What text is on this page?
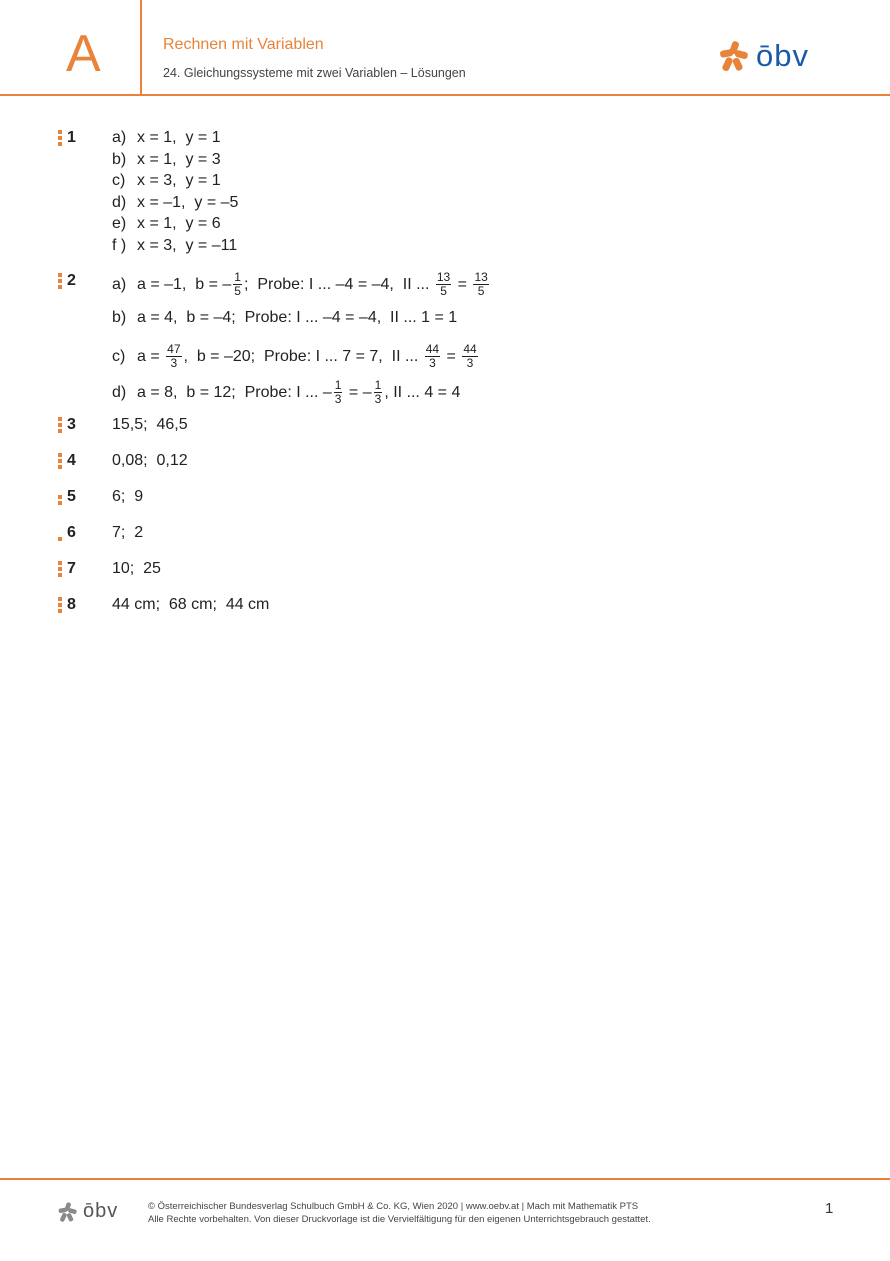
A	Rechnen mit Variablen
24. Gleichungssysteme mit zwei Variablen – Lösungen	ōbv
1 a) x = 1,  y = 1
b) x = 1,  y = 3
c) x = 3,  y = 1
d) x = –1,  y = –5
e) x = 1,  y = 6
f ) x = 3,  y = –11
2 a) a = –1,  b = – $\frac{1}{5}$ ;  Probe: I ... –4 = –4,  II ... $\frac{13}{5} = \frac{13}{5}$
b) a = 4,  b = –4;  Probe: I ... –4 = –4,  II ... 1 = 1
c) $a = \frac{47}{3}$ ,  b = –20;  Probe: I ... 7 = 7,  II ... $\frac{44}{3} = \frac{44}{3}$
d) a = 8,  b = 12;  Probe: I ... – $\frac{1}{3}$ = – $\frac{1}{3}$ , II ... 4 = 4
3 15,5;  46,5
4 0,08;  0,12
5 6;  9
6 7;  2
7 10;  25
8 44 cm;  68 cm;  44 cm
ōbv	© Österreichischer Bundesverlag Schulbuch GmbH & Co. KG, Wien 2020 | www.oebv.at | Mach mit Mathematik PTS
Alle Rechte vorbehalten. Von dieser Druckvorlage ist die Vervielfältigung für den eigenen Unterrichtsgebrauch gestattet.
1
